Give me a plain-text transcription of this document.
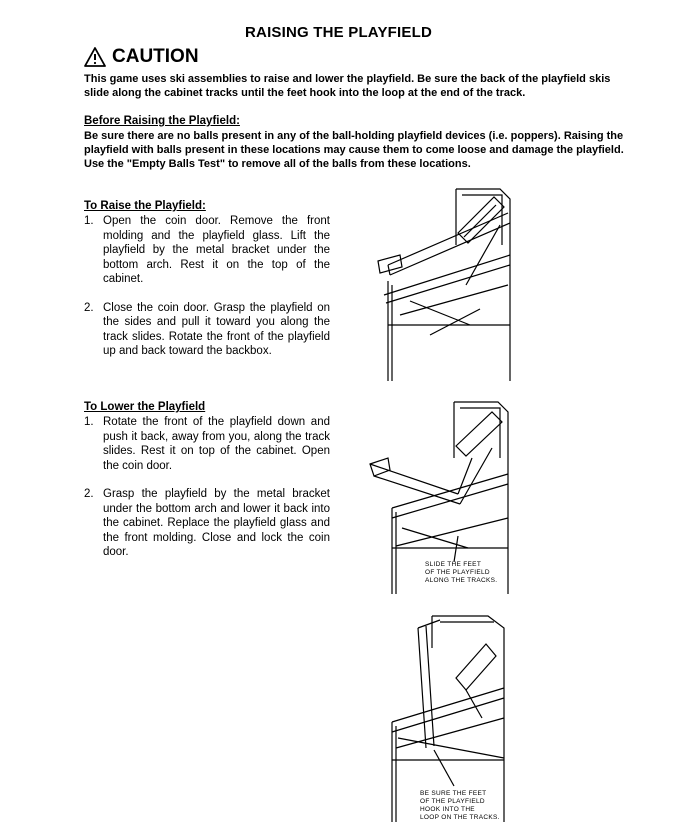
RAISING THE PLAYFIELD
CAUTION
This game uses ski assemblies to raise and lower the playfield. Be sure the back of the playfield skis slide along the cabinet tracks until the feet hook into the loop at the end of the track.
Before Raising the Playfield:
Be sure there are no balls present in any of the ball-holding playfield devices (i.e. poppers). Raising the playfield with balls present in these locations may cause them to come loose and damage the playfield. Use the "Empty Balls Test" to remove all of the balls from these locations.
To Raise the Playfield:

1. Open the coin door. Remove the front molding and the playfield glass. Lift the playfield by the metal bracket under the bottom arch. Rest it on the top of the cabinet.

2. Close the coin door. Grasp the playfield on the sides and pull it toward you along the track slides. Rotate the front of the playfield up and back toward the backbox.

To Lower the Playfield

1. Rotate the front of the playfield down and push it back, away from you, along the track slides. Rest it on top of the cabinet. Open the coin door.

2. Grasp the playfield by the metal bracket under the bottom arch and lower it back into the cabinet. Replace the playfield glass and the front molding. Close and lock the coin door.

SLIDE THE FEET
OF THE PLAYFIELD
ALONG THE TRACKS.
BE SURE THE FEET
OF THE PLAYFIELD
HOOK INTO THE
LOOP ON THE TRACKS.
